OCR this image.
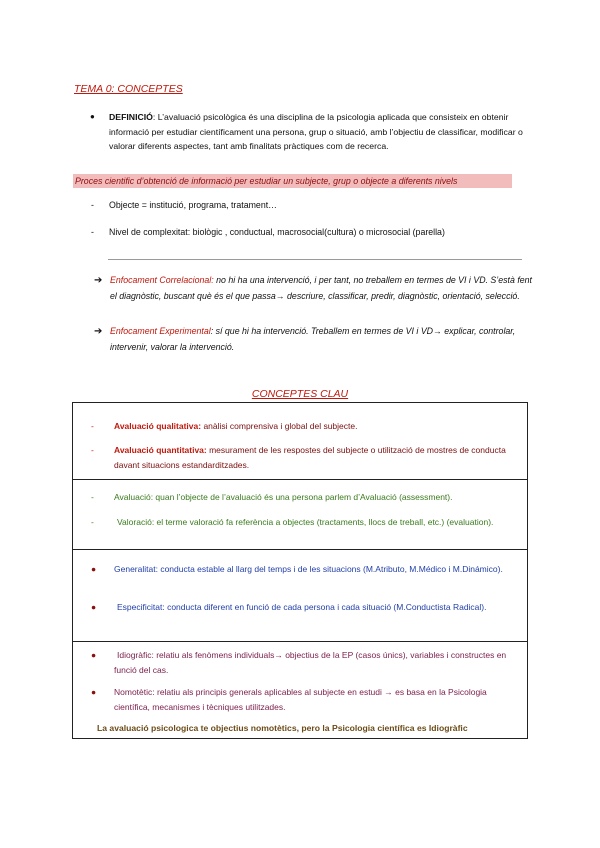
TEMA 0: CONCEPTES
● DEFINICIÓ: L’avaluació psicològica és una disciplina de la psicologia aplicada que consisteix en obtenir informació per estudiar científicament una persona, grup o situació, amb l’objectiu de classificar, modificar o valorar diferents aspectes, tant amb finalitats pràctiques com de recerca.
Proces cientific d’obtenció de informació per estudiar un subjecte, grup o objecte a diferents nivels
- Objecte = institució, programa, tratament…
- Nivel de complexitat: biològic , conductual, macrosocial(cultura) o microsocial (parella)
➔ Enfocament Correlacional: no hi ha una intervenció, i per tant, no treballem en termes de VI i VD. S’està fent el diagnòstic, buscant què és el que passa→ descriure, classificar, predir, diagnòstic, orientació, selecció.
➔ Enfocament Experimental: sí que hi ha intervenció. Treballem en termes de VI i VD→ explicar, controlar, intervenir, valorar la intervenció.
CONCEPTES CLAU
- Avaluació qualitativa: anàlisi comprensiva i global del subjecte.
- Avaluació quantitativa: mesurament de les respostes del subjecte o utilització de mostres de conducta davant situacions estandarditzades.
- Avaluació: quan l’objecte de l’avaluació és una persona parlem d’Avaluació (assessment).
-	Valoració: el terme valoració fa referència a objectes (tractaments, llocs de treball, etc.) (evaluation).
● Generalitat: conducta estable al llarg del temps i de les situacions (M.Atributo, M.Médico i M.Dinámico).
●	Especificitat: conducta diferent en funció de cada persona i cada situació (M.Conductista Radical).
●	Idiogràfic: relatiu als fenòmens individuals→ objectius de la EP (casos únics), variables i constructes en funció del cas.
● Nomotètic: relatiu als principis generals aplicables al subjecte en estudi → es basa en la Psicologia científica, mecanismes i tècniques utilitzades.
La avaluació psicologica te objectius nomotètics, pero la Psicologia científica es Idiogràfic
